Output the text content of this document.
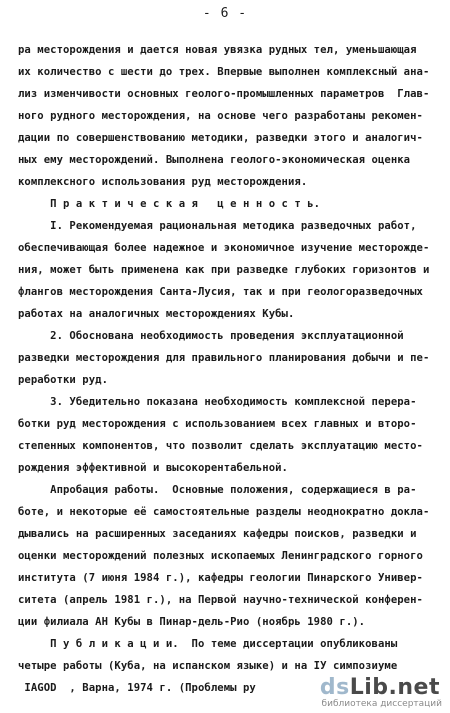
- 6 -
ра месторождения и дается новая увязка рудных тел, уменьшающая
их количество с шести до трех. Впервые выполнен комплексный ана-
лиз изменчивости основных геолого-промышленных параметров  Глав-
ного рудного месторождения, на основе чего разработаны рекомен-
дации по совершенствованию методики, разведки этого и аналогич-
ных ему месторождений. Выполнена геолого-экономическая оценка
комплексного использования руд месторождения.
П р а к т и ч е с к а я   ц е н н о с т ь.
I. Рекомендуемая рациональная методика разведочных работ,
обеспечивающая более надежное и экономичное изучение месторожде-
ния, может быть применена как при разведке глубоких горизонтов и
флангов месторождения Санта-Лусия, так и при геологоразведочных
работах на аналогичных месторождениях Кубы.
2. Обоснована необходимость проведения эксплуатационной
разведки месторождения для правильного планирования добычи и пе-
реработки руд.
3. Убедительно показана необходимость комплексной перера-
ботки руд месторождения с использованием всех главных и второ-
степенных компонентов, что позволит сделать эксплуатацию место-
рождения эффективной и высокорентабельной.
Апробация работы.  Основные положения, содержащиеся в ра-
боте, и некоторые её самостоятельные разделы неоднократно докла-
дывались на расширенных заседаниях кафедры поисков, разведки и
оценки месторождений полезных ископаемых Ленинградского горного
института (7 июня 1984 г.), кафедры геологии Пинарского Универ-
ситета (апрель 1981 г.), на Первой научно-технической конферен-
ции филиала АН Кубы в Пинар-дель-Рио (ноябрь 1980 г.).
П у б л и к а ц и и.  По теме диссертации опубликованы
четыре работы (Куба, на испанском языке) и на IУ симпозиуме
IAGOD  , Варна, 1974 г. (Проблемы ру	dsLib.net
библиотека диссертаций
